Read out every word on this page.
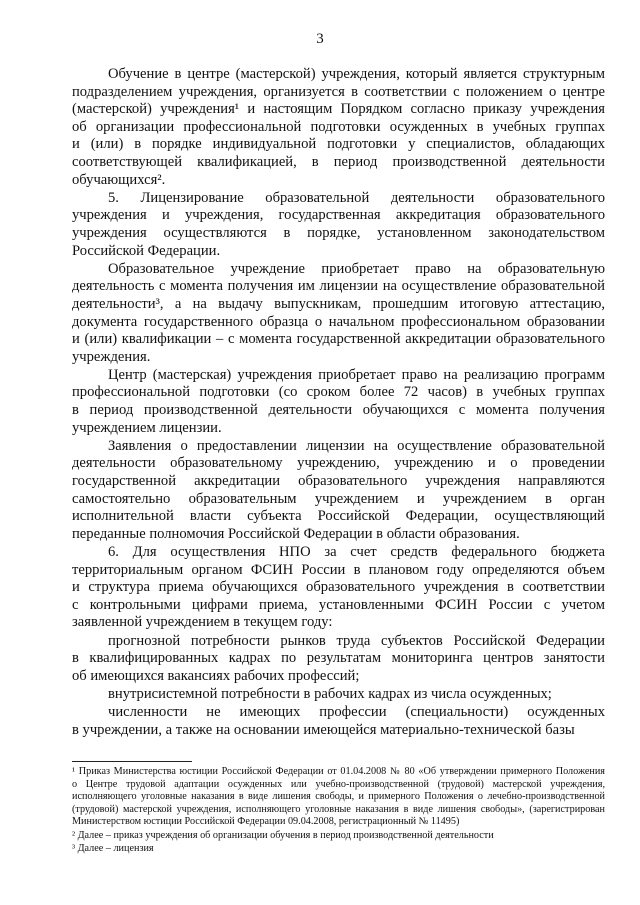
3
Обучение в центре (мастерской) учреждения, который является структурным
подразделением учреждения, организуется в соответствии с положением о центре
(мастерской) учреждения¹ и настоящим Порядком согласно приказу учреждения
об организации профессиональной подготовки осужденных в учебных группах
и (или) в порядке индивидуальной подготовки у специалистов, обладающих
соответствующей квалификацией, в период производственной деятельности
обучающихся².
5. Лицензирование образовательной деятельности образовательного
учреждения и учреждения, государственная аккредитация образовательного
учреждения осуществляются в порядке, установленном законодательством
Российской Федерации.
Образовательное учреждение приобретает право на образовательную
деятельность с момента получения им лицензии на осуществление образовательной
деятельности³, а на выдачу выпускникам, прошедшим итоговую аттестацию,
документа государственного образца о начальном профессиональном образовании
и (или) квалификации – с момента государственной аккредитации образовательного
учреждения.
Центр (мастерская) учреждения приобретает право на реализацию программ
профессиональной подготовки (со сроком более 72 часов) в учебных группах
в период производственной деятельности обучающихся с момента получения
учреждением лицензии.
Заявления о предоставлении лицензии на осуществление образовательной
деятельности образовательному учреждению, учреждению и о проведении
государственной аккредитации образовательного учреждения направляются
самостоятельно образовательным учреждением и учреждением в орган
исполнительной власти субъекта Российской Федерации, осуществляющий
переданные полномочия Российской Федерации в области образования.
6. Для осуществления НПО за счет средств федерального бюджета
территориальным органом ФСИН России в плановом году определяются объем
и структура приема обучающихся образовательного учреждения в соответствии
с контрольными цифрами приема, установленными ФСИН России с учетом
заявленной учреждением в текущем году:
прогнозной потребности рынков труда субъектов Российской Федерации
в квалифицированных кадрах по результатам мониторинга центров занятости
об имеющихся вакансиях рабочих профессий;
внутрисистемной потребности в рабочих кадрах из числа осужденных;
численности не имеющих профессии (специальности) осужденных
в учреждении, а также на основании имеющейся материально-технической базы
¹ Приказ Министерства юстиции Российской Федерации от 01.04.2008 № 80 «Об утверждении примерного Положения
о Центре трудовой адаптации осужденных или учебно-производственной (трудовой) мастерской учреждения,
исполняющего уголовные наказания в виде лишения свободы, и примерного Положения о лечебно-производственной
(трудовой) мастерской учреждения, исполняющего уголовные наказания в виде лишения свободы», (зарегистрирован
Министерством юстиции Российской Федерации 09.04.2008, регистрационный № 11495)
² Далее – приказ учреждения об организации обучения в период производственной деятельности
³ Далее – лицензия
